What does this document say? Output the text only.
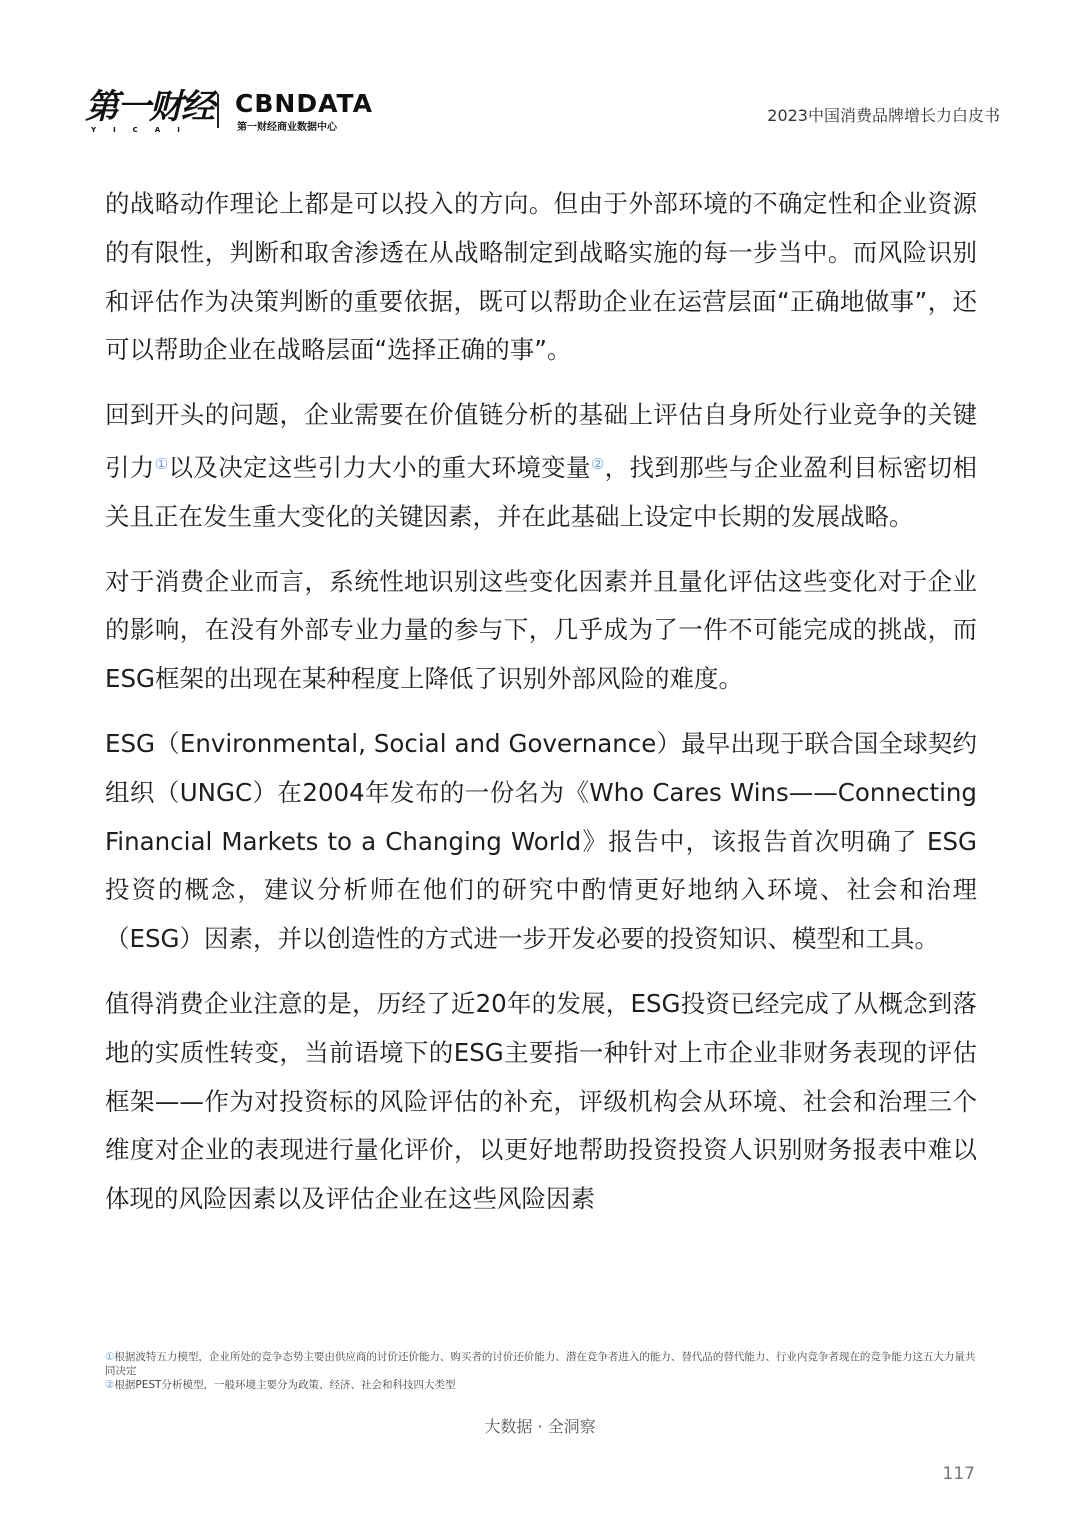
第一财经
YICAI
CBNDATA
第一财经商业数据中心
2023中国消费品牌增长力白皮书

的战略动作理论上都是可以投入的方向。但由于外部环境的不确定性和企业资源的有限性，判断和取舍渗透在从战略制定到战略实施的每一步当中。而风险识别和评估作为决策判断的重要依据，既可以帮助企业在运营层面“正确地做事”，还可以帮助企业在战略层面“选择正确的事”。

回到开头的问题，企业需要在价值链分析的基础上评估自身所处行业竞争的关键引力①以及决定这些引力大小的重大环境变量②，找到那些与企业盈利目标密切相关且正在发生重大变化的关键因素，并在此基础上设定中长期的发展战略。

对于消费企业而言，系统性地识别这些变化因素并且量化评估这些变化对于企业的影响，在没有外部专业力量的参与下，几乎成为了一件不可能完成的挑战，而ESG框架的出现在某种程度上降低了识别外部风险的难度。

ESG（Environmental, Social and Governance）最早出现于联合国全球契约组织（UNGC）在2004年发布的一份名为《Who Cares Wins——Connecting Financial Markets to a Changing World》报告中，该报告首次明确了 ESG 投资的概念，建议分析师在他们的研究中酌情更好地纳入环境、社会和治理（ESG）因素，并以创造性的方式进一步开发必要的投资知识、模型和工具。

值得消费企业注意的是，历经了近20年的发展，ESG投资已经完成了从概念到落地的实质性转变，当前语境下的ESG主要指一种针对上市企业非财务表现的评估框架——作为对投资标的风险评估的补充，评级机构会从环境、社会和治理三个维度对企业的表现进行量化评价，以更好地帮助投资投资人识别财务报表中难以体现的风险因素以及评估企业在这些风险因素

①根据波特五力模型，企业所处的竞争态势主要由供应商的讨价还价能力、购买者的讨价还价能力、潜在竞争者进入的能力、替代品的替代能力、行业内竞争者现在的竞争能力这五大力量共同决定
②根据PEST分析模型，一般环境主要分为政策、经济、社会和科技四大类型
大数据 · 全洞察
117
